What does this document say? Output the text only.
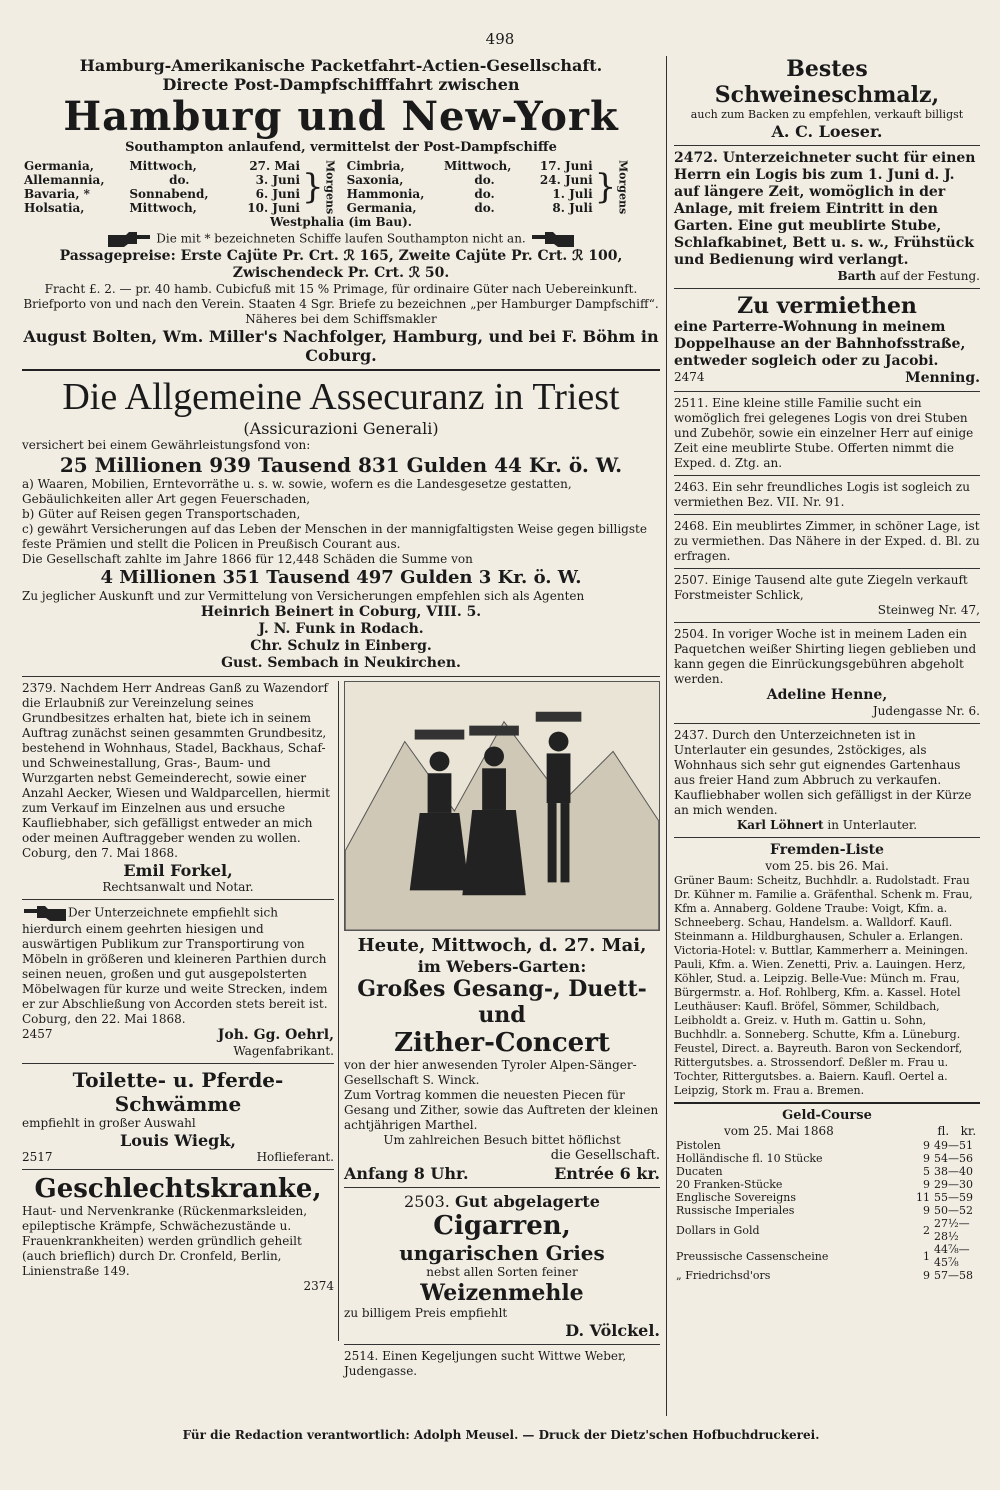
498
Hamburg-Amerikanische Packetfahrt-Actien-Gesellschaft.
Directe Post-Dampfschifffahrt zwischen
Hamburg und New-York
Southampton anlaufend, vermittelst der Post-Dampfschiffe
Germania,	Mittwoch,	27. Mai
Allemannia,	do.	3. Juni
Bavaria, *	Sonnabend,	6. Juni
Holsatia,	Mittwoch,	10. Juni
} Morgens Cimbria,	Mittwoch,	17. Juni
Saxonia,	do.	24. Juni
Hammonia,	do.	1. Juli
Germania,	do.	8. Juli
} Morgens
Westphalia (im Bau).
Die mit * bezeichneten Schiffe laufen Southampton nicht an.
Passagepreise: Erste Cajüte Pr. Crt. ℛ 165, Zweite Cajüte Pr. Crt. ℛ 100,
Zwischendeck Pr. Crt. ℛ 50.
Fracht £. 2. — pr. 40 hamb. Cubicfuß mit 15 % Primage, für ordinaire Güter nach Uebereinkunft.
Briefporto von und nach den Verein. Staaten 4 Sgr. Briefe zu bezeichnen „per Hamburger Dampfschiff“.
Näheres bei dem Schiffsmakler
August Bolten, Wm. Miller's Nachfolger, Hamburg, und bei F. Böhm in Coburg.
Die Allgemeine Assecuranz in Triest
(Assicurazioni Generali)
versichert bei einem Gewährleistungsfond von:
25 Millionen 939 Tausend 831 Gulden 44 Kr. ö. W.
a) Waaren, Mobilien, Erntevorräthe u. s. w. sowie, wofern es die Landesgesetze gestatten, Gebäulichkeiten aller Art gegen Feuerschaden,
b) Güter auf Reisen gegen Transportschaden,
c) gewährt Versicherungen auf das Leben der Menschen in der mannigfaltigsten Weise gegen billigste feste Prämien und stellt die Policen in Preußisch Courant aus.
Die Gesellschaft zahlte im Jahre 1866 für 12,448 Schäden die Summe von
4 Millionen 351 Tausend 497 Gulden 3 Kr. ö. W.
Zu jeglicher Auskunft und zur Vermittelung von Versicherungen empfehlen sich als Agenten
Heinrich Beinert in Coburg, VIII. 5.
J. N. Funk in Rodach.
Chr. Schulz in Einberg.
Gust. Sembach in Neukirchen.
2379. Nachdem Herr Andreas Ganß zu Wazendorf die Erlaubniß zur Vereinzelung seines Grundbesitzes erhalten hat, biete ich in seinem Auftrag zunächst seinen gesammten Grundbesitz, bestehend in Wohnhaus, Stadel, Backhaus, Schaf- und Schweinestallung, Gras-, Baum- und Wurzgarten nebst Gemeinderecht, sowie einer Anzahl Aecker, Wiesen und Waldparcellen, hiermit zum Verkauf im Einzelnen aus und ersuche Kaufliebhaber, sich gefälligst entweder an mich oder meinen Auftraggeber wenden zu wollen.
Coburg, den 7. Mai 1868.
Emil Forkel,
Rechtsanwalt und Notar.
Der Unterzeichnete empfiehlt sich hierdurch einem geehrten hiesigen und auswärtigen Publikum zur Transportirung von Möbeln in größeren und kleineren Parthien durch seinen neuen, großen und gut ausgepolsterten Möbelwagen für kurze und weite Strecken, indem er zur Abschließung von Accorden stets bereit ist.
Coburg, den 22. Mai 1868.
2457	Joh. Gg. Oehrl,
Wagenfabrikant.
Toilette- u. Pferde-Schwämme
empfiehlt in großer Auswahl
Louis Wiegk,
2517	Hoflieferant.
Geschlechtskranke,
Haut- und Nervenkranke (Rückenmarksleiden, epileptische Krämpfe, Schwächezustände u. Frauenkrankheiten) werden gründlich geheilt (auch brieflich) durch Dr. Cronfeld, Berlin, Linienstraße 149.
2374
Heute, Mittwoch, d. 27. Mai,
im Webers-Garten:
Großes Gesang-, Duett- und
Zither-Concert
von der hier anwesenden Tyroler Alpen-Sänger-Gesellschaft S. Winck.
Zum Vortrag kommen die neuesten Piecen für Gesang und Zither, sowie das Auftreten der kleinen achtjährigen Marthel.
Um zahlreichen Besuch bittet höflichst
die Gesellschaft.
Anfang 8 Uhr.	Entrée 6 kr.
2503. Gut abgelagerte
Cigarren,
ungarischen Gries
nebst allen Sorten feiner
Weizenmehle
zu billigem Preis empfiehlt
D. Völckel.
2514. Einen Kegeljungen sucht Wittwe Weber, Judengasse.
Bestes Schweineschmalz,
auch zum Backen zu empfehlen, verkauft billigst
A. C. Loeser.
2472. Unterzeichneter sucht für einen Herrn ein Logis bis zum 1. Juni d. J. auf längere Zeit, womöglich in der Anlage, mit freiem Eintritt in den Garten. Eine gut meublirte Stube, Schlafkabinet, Bett u. s. w., Frühstück und Bedienung wird verlangt.
Barth auf der Festung.
Zu vermiethen
eine Parterre-Wohnung in meinem Doppelhause an der Bahnhofsstraße, entweder sogleich oder zu Jacobi.
2474	Menning.
2511. Eine kleine stille Familie sucht ein womöglich frei gelegenes Logis von drei Stuben und Zubehör, sowie ein einzelner Herr auf einige Zeit eine meublirte Stube. Offerten nimmt die Exped. d. Ztg. an.
2463. Ein sehr freundliches Logis ist sogleich zu vermiethen Bez. VII. Nr. 91.
2468. Ein meublirtes Zimmer, in schöner Lage, ist zu vermiethen. Das Nähere in der Exped. d. Bl. zu erfragen.
2507. Einige Tausend alte gute Ziegeln verkauft Forstmeister Schlick,
Steinweg Nr. 47,
2504. In voriger Woche ist in meinem Laden ein Paquetchen weißer Shirting liegen geblieben und kann gegen die Einrückungsgebühren abgeholt werden.
Adeline Henne,
Judengasse Nr. 6.
2437. Durch den Unterzeichneten ist in Unterlauter ein gesundes, 2stöckiges, als Wohnhaus sich sehr gut eignendes Gartenhaus aus freier Hand zum Abbruch zu verkaufen. Kaufliebhaber wollen sich gefälligst in der Kürze an mich wenden.
Karl Löhnert in Unterlauter.
Fremden-Liste
vom 25. bis 26. Mai.
Grüner Baum: Scheitz, Buchhdlr. a. Rudolstadt. Frau Dr. Kühner m. Familie a. Gräfenthal. Schenk m. Frau, Kfm a. Annaberg. Goldene Traube: Voigt, Kfm. a. Schneeberg. Schau, Handelsm. a. Walldorf. Kaufl. Steinmann a. Hildburghausen, Schuler a. Erlangen. Victoria-Hotel: v. Buttlar, Kammerherr a. Meiningen. Pauli, Kfm. a. Wien. Zenetti, Priv. a. Lauingen. Herz, Köhler, Stud. a. Leipzig. Belle-Vue: Münch m. Frau, Bürgermstr. a. Hof. Rohlberg, Kfm. a. Kassel. Hotel Leuthäuser: Kaufl. Bröfel, Sömmer, Schildbach, Leibholdt a. Greiz. v. Huth m. Gattin u. Sohn, Buchhdlr. a. Sonneberg. Schutte, Kfm a. Lüneburg. Feustel, Direct. a. Bayreuth. Baron von Seckendorf, Rittergutsbes. a. Strossendorf. Deßler m. Frau u. Tochter, Rittergutsbes. a. Baiern. Kaufl. Oertel a. Leipzig, Stork m. Frau a. Bremen.
Geld-Course
vom 25. Mai 1868	fl. kr.
Pistolen	9	49—51
Holländische fl. 10 Stücke	9	54—56
Ducaten	5	38—40
20 Franken-Stücke	9	29—30
Englische Sovereigns	11	55—59
Russische Imperiales	9	50—52
Dollars in Gold	2	27½—28½
Preussische Cassenscheine	1	44⅞—45⅞
„ Friedrichsd'ors	9	57—58
Für die Redaction verantwortlich: Adolph Meusel. — Druck der Dietz'schen Hofbuchdruckerei.
